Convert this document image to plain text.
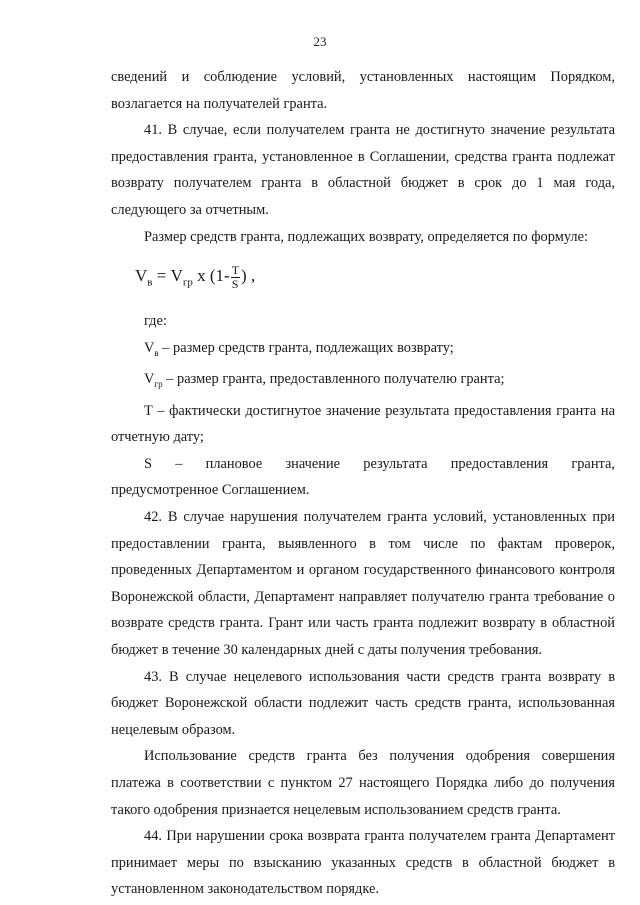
23

сведений и соблюдение условий, установленных настоящим Порядком, возлагается на получателей гранта.

41. В случае, если получателем гранта не достигнуто значение результата предоставления гранта, установленное в Соглашении, средства гранта подлежат возврату получателем гранта в областной бюджет в срок до 1 мая года, следующего за отчетным.

Размер средств гранта, подлежащих возврату, определяется по формуле:

$V_в = V_{гр}$ x ($1- \frac{T}{S}$ ) ,

где:

$V_в$ – размер средств гранта, подлежащих возврату;

$V_{гр}$ – размер гранта, предоставленного получателю гранта;

T – фактически достигнутое значение результата предоставления гранта на отчетную дату;

S – плановое значение результата предоставления гранта,

предусмотренное Соглашением.

42. В случае нарушения получателем гранта условий, установленных при предоставлении гранта, выявленного в том числе по фактам проверок, проведенных Департаментом и органом государственного финансового контроля Воронежской области, Департамент направляет получателю гранта требование о возврате средств гранта. Грант или часть гранта подлежит возврату в областной бюджет в течение 30 календарных дней с даты получения требования.

43. В случае нецелевого использования части средств гранта возврату в бюджет Воронежской области подлежит часть средств гранта, использованная нецелевым образом.

Использование средств гранта без получения одобрения совершения платежа в соответствии с пунктом 27 настоящего Порядка либо до получения такого одобрения признается нецелевым использованием средств гранта.

44. При нарушении срока возврата гранта получателем гранта Департамент принимает меры по взысканию указанных средств в областной бюджет в установленном законодательством порядке.
